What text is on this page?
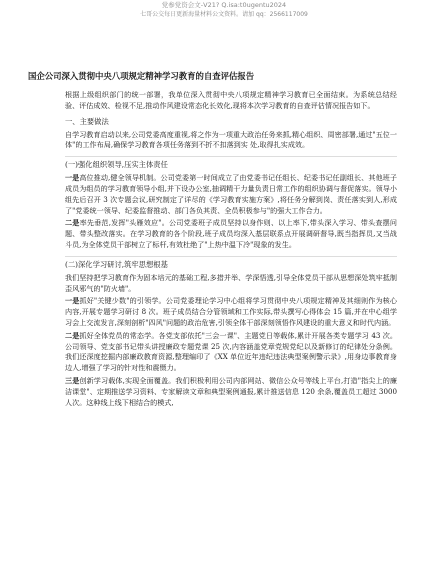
党参党资会文-V21? Q.isa:t0ugentu2024
七哥公交每日更新海量材料公文资料。请加 qq：2566117009
国企公司深入贯彻中央八项规定精神学习教育的自查评估报告

根据上级组织部门的统一部署，我单位深入贯彻中央八项规定精神学习教育已全面结束。为系统总结经验、评估成效、检视不足,推动作风建设常态化长效化,现将本次学习教育的自查评估情况报告如下。

一、主要做法

自学习教育启动以来,公司党委高度重视,将之作为一项重大政治任务来抓,精心组织、周密部署,通过"五位一体"的工作布局,确保学习教育各项任务落到不折不扣落到实 处,取得扎实成效。

(一)强化组织领导,压实主体责任

一是高位推动,健全领导机制。公司党委第一时间成立了由党委书记任组长、纪委书记任副组长、其他班子成员为组员的学习教育领导小组,并下设办公室,抽调精干力量负责日常工作的组织协调与督促落实。领导小组先后召开 3 次专题会议,研究制定了详尽的《学习教育实施方案》,将任务分解到岗、责任落实到人,形成了"党委统一领导、纪委监督推动、部门各负其责、全员积极参与"的强大工作合力。

二是率先垂范,发挥"头雁效应"。公司党委班子成员坚持以身作则、以上率下,带头深入学习、带头查摆问题、带头整改落实。在学习教育的各个阶段,班子成员均深入基层联系点开展调研督导,既当指挥员,又当战斗员,为全体党员干部树立了标杆,有效杜绝了"上热中温下冷"现象的发生。

(二)深化学习研讨,筑牢思想根基

我们坚持把学习教育作为固本培元的基础工程,多措并举、学深悟透,引导全体党员干部从思想深处筑牢抵制歪风邪气的"防火墙"。

一是抓好"关键少数"的引领学。公司党委理论学习中心组将学习贯彻中央八项规定精神及其细则作为核心内容,开展专题学习研讨 8 次。班子成员结合分管领域和工作实际,带头撰写心得体会 15 篇,并在中心组学习会上交流发言,深刻剖析"四风"问题的政治危害,引领全体干部深刻领悟作风建设的重大意义和时代内涵。

二是抓好全体党员的常态学。各党支部依托"三会一课"、主题党日等载体,累计开展各类专题学习 43 次。公司领导、党支部书记带头讲授廉政专题党课 25 次,内容涵盖党章党规党纪以及新修订的纪律处分条例。我们还深度挖掘内部廉政教育资源,整理编印了《XX 单位近年违纪违法典型案例警示录》,用身边事教育身边人,增强了学习的针对性和震慑力。

三是创新学习载体,实现全面覆盖。我们积极利用公司内部网站、微信公众号等线上平台,打造"指尖上的廉洁课堂"、定期推送学习资料、专家解读文章和典型案例通报,累计推送信息 120 余条,覆盖员工超过 3000 人次。这种线上线下相结合的模式,
